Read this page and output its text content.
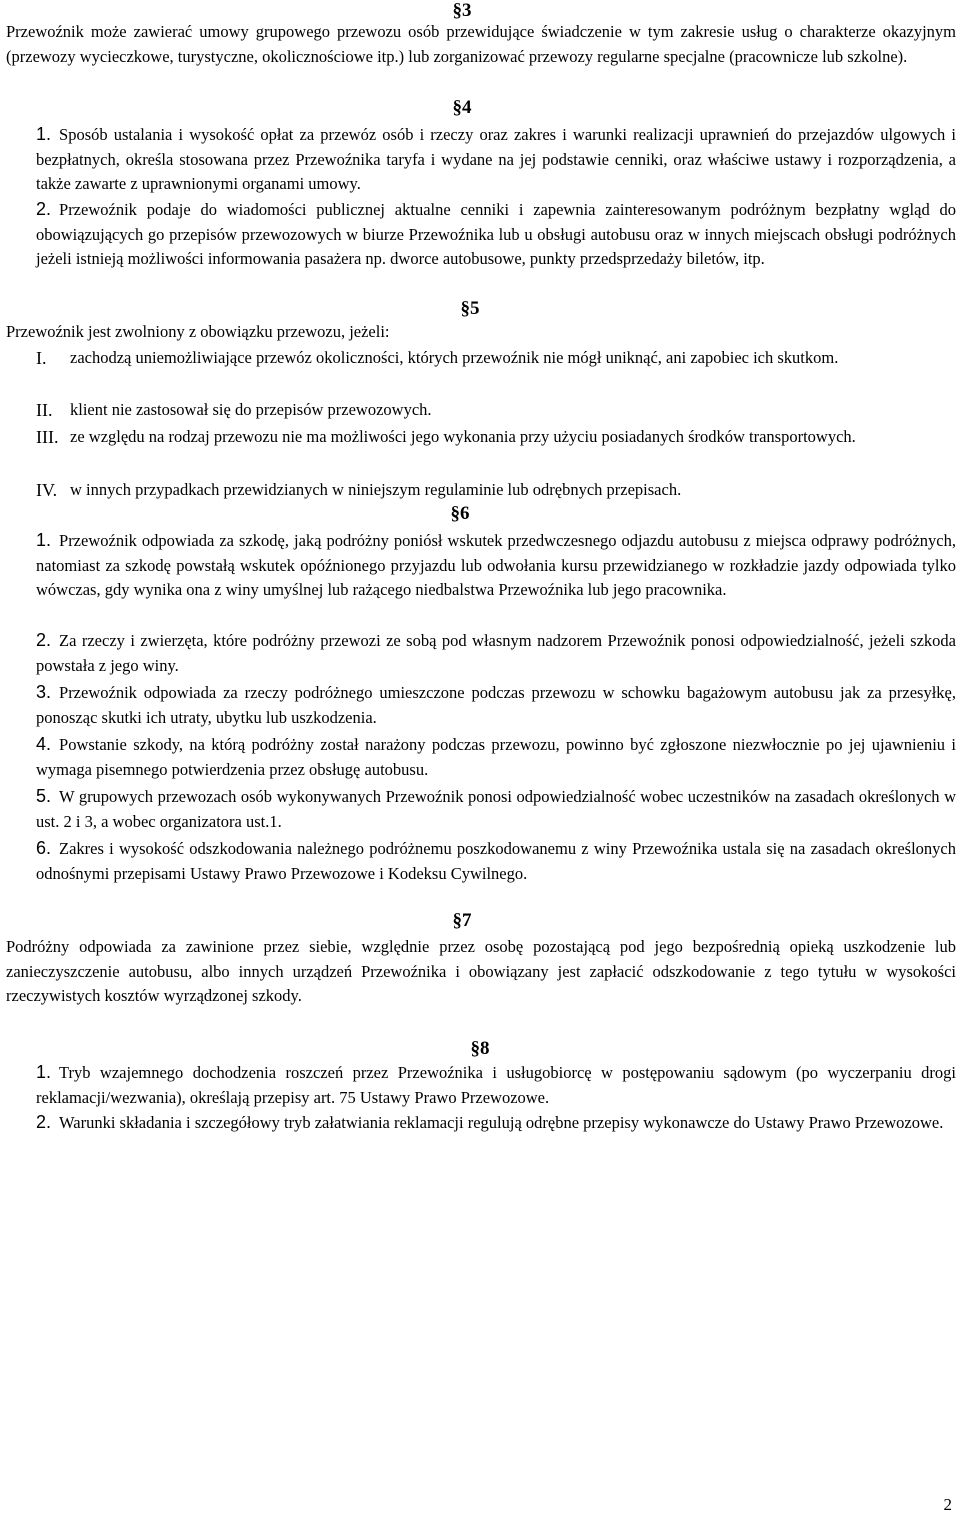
§3

Przewoźnik może zawierać umowy grupowego przewozu osób przewidujące świadczenie w tym zakresie usług o charakterze okazyjnym (przewozy wycieczkowe, turystyczne, okolicznościowe itp.) lub zorganizować przewozy regularne specjalne (pracownicze lub szkolne).

§4

1. Sposób ustalania i wysokość opłat za przewóz osób i rzeczy oraz zakres i warunki realizacji uprawnień do przejazdów ulgowych i bezpłatnych, określa stosowana przez Przewoźnika taryfa i wydane na jej podstawie cenniki, oraz właściwe ustawy i rozporządzenia, a także zawarte z uprawnionymi organami umowy.

2. Przewoźnik podaje do wiadomości publicznej aktualne cenniki i zapewnia zainteresowanym podróżnym bezpłatny wgląd do obowiązujących go przepisów przewozowych w biurze Przewoźnika lub u obsługi autobusu oraz w innych miejscach obsługi podróżnych jeżeli istnieją możliwości informowania pasażera np. dworce autobusowe, punkty przedsprzedaży biletów, itp.

§5

Przewoźnik jest zwolniony z obowiązku przewozu, jeżeli:

I. zachodzą uniemożliwiające przewóz okoliczności, których przewoźnik nie mógł uniknąć, ani zapobiec ich skutkom.
II. klient nie zastosował się do przepisów przewozowych.
III. ze względu na rodzaj przewozu nie ma możliwości jego wykonania przy użyciu posiadanych środków transportowych.
IV. w innych przypadkach przewidzianych w niniejszym regulaminie lub odrębnych przepisach.
§6

1. Przewoźnik odpowiada za szkodę, jaką podróżny poniósł wskutek przedwczesnego odjazdu autobusu z miejsca odprawy podróżnych, natomiast za szkodę powstałą wskutek opóźnionego przyjazdu lub odwołania kursu przewidzianego w rozkładzie jazdy odpowiada tylko wówczas, gdy wynika ona z winy umyślnej lub rażącego niedbalstwa Przewoźnika lub jego pracownika.

2. Za rzeczy i zwierzęta, które podróżny przewozi ze sobą pod własnym nadzorem Przewoźnik ponosi odpowiedzialność, jeżeli szkoda powstała z jego winy.

3. Przewoźnik odpowiada za rzeczy podróżnego umieszczone podczas przewozu w schowku bagażowym autobusu jak za przesyłkę, ponosząc skutki ich utraty, ubytku lub uszkodzenia.

4. Powstanie szkody, na którą podróżny został narażony podczas przewozu, powinno być zgłoszone niezwłocznie po jej ujawnieniu i wymaga pisemnego potwierdzenia przez obsługę autobusu.

5. W grupowych przewozach osób wykonywanych Przewoźnik ponosi odpowiedzialność wobec uczestników na zasadach określonych w ust. 2 i 3, a wobec organizatora ust.1.

6. Zakres i wysokość odszkodowania należnego podróżnemu poszkodowanemu z winy Przewoźnika ustala się na zasadach określonych odnośnymi przepisami Ustawy Prawo Przewozowe i Kodeksu Cywilnego.

§7

Podróżny odpowiada za zawinione przez siebie, względnie przez osobę pozostającą pod jego bezpośrednią opieką uszkodzenie lub zanieczyszczenie autobusu, albo innych urządzeń Przewoźnika i obowiązany jest zapłacić odszkodowanie z tego tytułu w wysokości rzeczywistych kosztów wyrządzonej szkody.

§8

1. Tryb wzajemnego dochodzenia roszczeń przez Przewoźnika i usługobiorcę w postępowaniu sądowym (po wyczerpaniu drogi reklamacji/wezwania), określają przepisy art. 75 Ustawy Prawo Przewozowe.

2. Warunki składania i szczegółowy tryb załatwiania reklamacji regulują odrębne przepisy wykonawcze do Ustawy Prawo Przewozowe.

2
